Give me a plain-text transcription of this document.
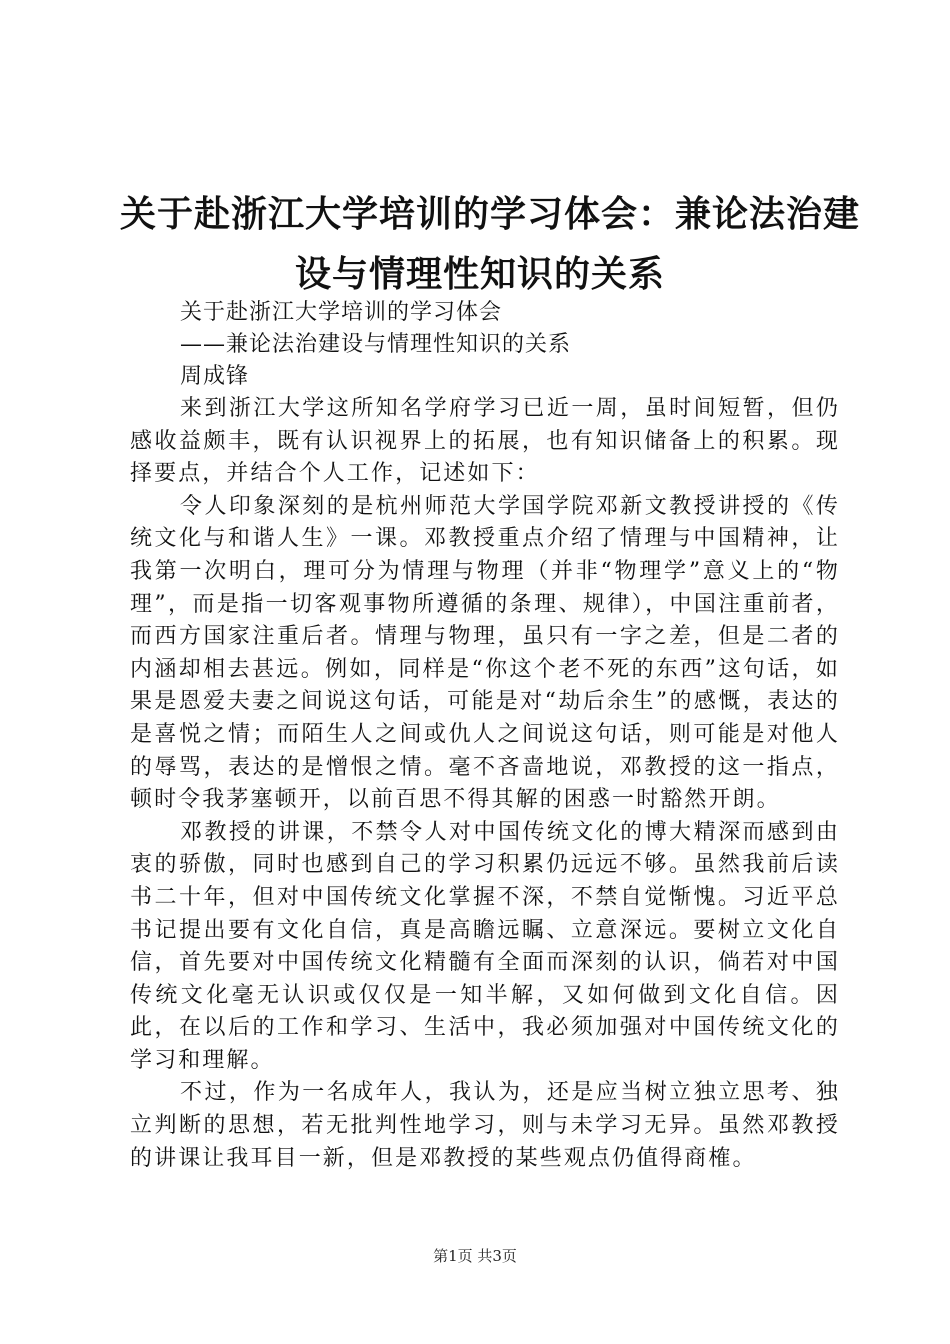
关于赴浙江大学培训的学习体会：兼论法治建
设与情理性知识的关系
关于赴浙江大学培训的学习体会
——兼论法治建设与情理性知识的关系
周成锋

来到浙江大学这所知名学府学习已近一周，虽时间短暂，但仍感收益颇丰，既有认识视界上的拓展，也有知识储备上的积累。现择要点，并结合个人工作，记述如下：

令人印象深刻的是杭州师范大学国学院邓新文教授讲授的《传统文化与和谐人生》一课。邓教授重点介绍了情理与中国精神，让我第一次明白，理可分为情理与物理（并非“物理学”意义上的“物理”，而是指一切客观事物所遵循的条理、规律），中国注重前者，而西方国家注重后者。情理与物理，虽只有一字之差，但是二者的内涵却相去甚远。例如，同样是“你这个老不死的东西”这句话，如果是恩爱夫妻之间说这句话，可能是对“劫后余生”的感慨，表达的是喜悦之情；而陌生人之间或仇人之间说这句话，则可能是对他人的辱骂，表达的是憎恨之情。毫不吝啬地说，邓教授的这一指点，顿时令我茅塞顿开，以前百思不得其解的困惑一时豁然开朗。

邓教授的讲课，不禁令人对中国传统文化的博大精深而感到由衷的骄傲，同时也感到自己的学习积累仍远远不够。虽然我前后读书二十年，但对中国传统文化掌握不深，不禁自觉惭愧。习近平总书记提出要有文化自信，真是高瞻远瞩、立意深远。要树立文化自信，首先要对中国传统文化精髓有全面而深刻的认识，倘若对中国传统文化毫无认识或仅仅是一知半解，又如何做到文化自信。因此，在以后的工作和学习、生活中，我必须加强对中国传统文化的学习和理解。

不过，作为一名成年人，我认为，还是应当树立独立思考、独立判断的思想，若无批判性地学习，则与未学习无异。虽然邓教授的讲课让我耳目一新，但是邓教授的某些观点仍值得商榷。

第1页 共3页
